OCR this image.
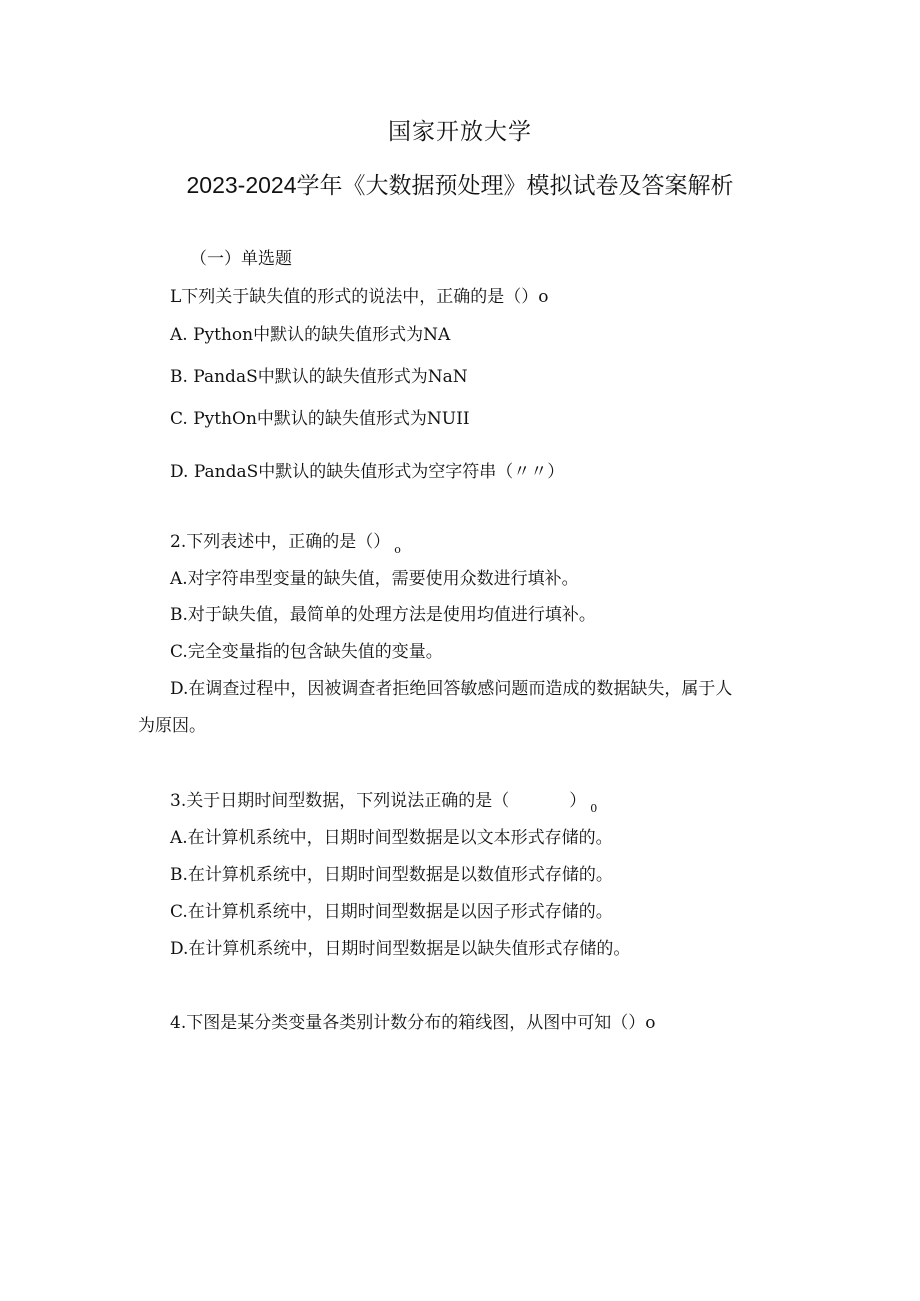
国家开放大学
2023-2024学年《大数据预处理》模拟试卷及答案解析
（一）单选题
L下列关于缺失值的形式的说法中，正确的是（）o
A. Python中默认的缺失值形式为NA
B. PandaS中默认的缺失值形式为NaN
C. PythOn中默认的缺失值形式为NUII
D. PandaS中默认的缺失值形式为空字符串（〃〃）
2.下列表述中，正确的是（） $_o$
A.对字符串型变量的缺失值，需要使用众数进行填补。
B.对于缺失值，最简单的处理方法是使用均值进行填补。
C.完全变量指的包含缺失值的变量。
D.在调查过程中，因被调查者拒绝回答敏感问题而造成的数据缺失，属于人
为原因。
3.关于日期时间型数据，下列说法正确的是（	） $_0$
A.在计算机系统中，日期时间型数据是以文本形式存储的。
B.在计算机系统中，日期时间型数据是以数值形式存储的。
C.在计算机系统中，日期时间型数据是以因子形式存储的。
D.在计算机系统中，日期时间型数据是以缺失值形式存储的。
4.下图是某分类变量各类别计数分布的箱线图，从图中可知（）o
